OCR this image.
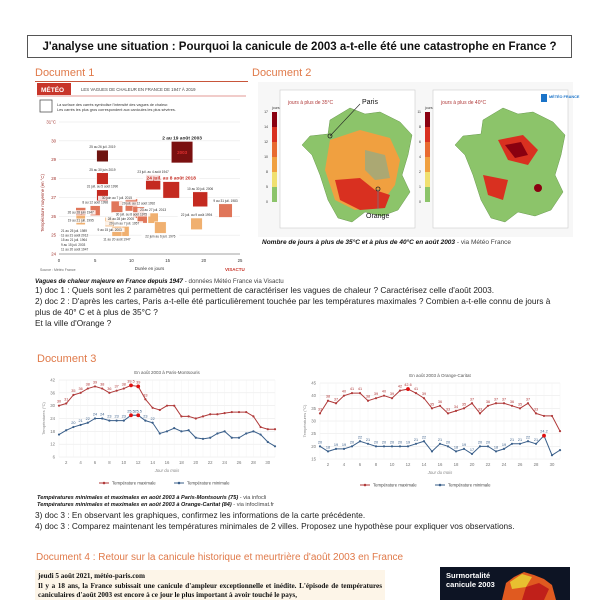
J'analyse une situation : Pourquoi la canicule de 2003 a-t-elle été une catastrophe en France ?
Document 1
MÉTÉO	LES VAGUES DE CHALEUR EN FRANCE DE 1947 À 2019
La surface des carrés symbolise l'intensité des vagues de chaleur.
Les carrés les plus gros correspondent aux canicules les plus sévères.
24
25
26
27
28
29
30
31°C
0	5	10	15	20	25
Durée en jours
Température moyenne (en °C)
2003
2 au 19 août 2003
25 au 26 juil. 2019
24 juil. au 8 août 2018
23 juil. au 4 août 1947
25 au 30 juin 2019
31 juil. au 5 août 1990
10 au 30 juil. 2006
8 au 12 août 1998
19 au 21 juil. 1995
26 au 28 juin 1947
30 juin au 7 juil. 2015
30 juil. au 8 août 1975
29 juil. au 12 août 1992
23 au 27 juil. 2013
22 juil. au 9 août 1994
22 juin au 6 juil. 1976
9 au 31 juil. 1983
29 juin au 7 juil. 1957
11 au 20 août 1947
9 au 15 juil. 2003
28 au 28 juin 2005
21 au 25 juil. 1989
11 au 21 août 2012
15 au 21 juil. 1964
9 au 15 juil. 2003
11 au 20 août 1947
Source : Météo France	VISACTU
Vagues de chaleur majeure en France depuis 1947 - données Météo France via Visactu
Document 2
jours à plus de 35°C
17
14
12
10
8
5
0
jours
jours à plus de 40°C
11
8
6
4
2
1
0
jours
Paris
Orange
MÉTÉO FRANCE
Nombre de jours à plus de 35°C et à plus de 40°C en août 2003 - via Météo France
1) doc 1 : Quels sont les 2 paramètres qui permettent de caractériser les vagues de chaleur ? Caractérisez celle d'août 2003.
2) doc 2 : D'après les cartes, Paris a-t-elle été particulièrement touchée par les températures maximales ? Combien a-t-elle connu de jours à plus de 40° C et à plus de 35°C ?
Et la ville d'Orange ?
Document 3
En août 2003 à Paris-Montsouris
6
12
18
24
30
36
42
2	4	6	8	10 12 14 16 18 20 22 24 26 28 30
Jour du mois
Températures (°C)
30
31
35
36
38
39
38
36
37
38
39.5 39
33
Température maximale
20
21
22
24 24
23 23 23
25.5 25.5
23
22
Température minimale
En août 2003 à Orange-Caritat
15
20
25
30
35
40
45
2	4	6	8	10	12	14	16	18	20	22	24	26	28	30
Jour du mois
Températures (°C)	33
38
37
40
41 41
38
39
40
39
42 42.6
41
39
35
36
33
34
35
37
33
36
37 37
36
35
37
33
Température maximale
20
18
19 19
20
22
21
20 20 20 20 19
21
22
21
20
18
19
17
20 20
18
19
21 21
22
21
24.2
Température minimale
Températures minimales et maximales en août 2003 à Paris-Montsouris (75) - via infocli
Températures minimales et maximales en août 2003 à Orange-Caritat (84) - via infoclimat.fr
3) doc 3 : En observant les graphiques, confirmez les informations de la carte précédente.
4) doc 3 : Comparez maintenant les températures minimales de 2 villes. Proposez une hypothèse pour expliquer vos observations.
Document 4 : Retour sur la canicule historique et meurtrière d'août 2003 en France
jeudi 5 août 2021, météo-paris.com
Il y a 18 ans, la France subissait une canicule d'ampleur exceptionnelle et inédite. L'épisode de températures caniculaires d'août 2003 est encore à ce jour le plus important à avoir touché le pays,
Surmortalité canicule 2003
